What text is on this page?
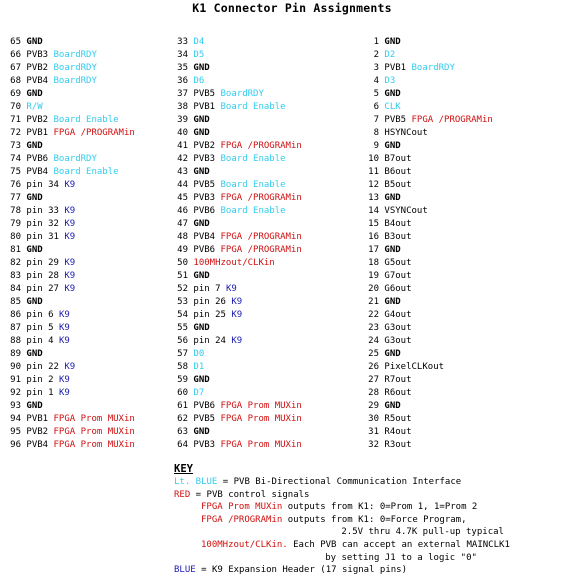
K1 Connector Pin Assignments
65 GND
66 PVB3 BoardRDY
67 PVB2 BoardRDY
68 PVB4 BoardRDY
69 GND
70 R/W
71 PVB2 Board Enable
72 PVB1 FPGA /PROGRAMin
73 GND
74 PVB6 BoardRDY
75 PVB4 Board Enable
76 pin 34 K9
77 GND
78 pin 33 K9
79 pin 32 K9
80 pin 31 K9
81 GND
82 pin 29 K9
83 pin 28 K9
84 pin 27 K9
85 GND
86 pin 6 K9
87 pin 5 K9
88 pin 4 K9
89 GND
90 pin 22 K9
91 pin 2 K9
92 pin 1 K9
93 GND
94 PVB1 FPGA Prom MUXin
95 PVB2 FPGA Prom MUXin
96 PVB4 FPGA Prom MUXin
33 D4
34 D5
35 GND
36 D6
37 PVB5 BoardRDY
38 PVB1 Board Enable
39 GND
40 GND
41 PVB2 FPGA /PROGRAMin
42 PVB3 Board Enable
43 GND
44 PVB5 Board Enable
45 PVB3 FPGA /PROGRAMin
46 PVB6 Board Enable
47 GND
48 PVB4 FPGA /PROGRAMin
49 PVB6 FPGA /PROGRAMin
50 100MHzout/CLKin
51 GND
52 pin 7 K9
53 pin 26 K9
54 pin 25 K9
55 GND
56 pin 24 K9
57 D0
58 D1
59 GND
60 D7
61 PVB6 FPGA Prom MUXin
62 PVB5 FPGA Prom MUXin
63 GND
64 PVB3 FPGA Prom MUXin
1 GND
2 D2
3 PVB1 BoardRDY
4 D3
5 GND
6 CLK
7 PVB5 FPGA /PROGRAMin
8 HSYNCout
9 GND
10 B7out
11 B6out
12 B5out
13 GND
14 VSYNCout
15 B4out
16 B3out
17 GND
18 G5out
19 G7out
20 G6out
21 GND
22 G4out
23 G3out
24 G3out
25 GND
26 PixelCLKout
27 R7out
28 R6out
29 GND
30 R5out
31 R4out
32 R3out
KEY
Lt. BLUE = PVB Bi-Directional Communication Interface
RED = PVB control signals
FPGA Prom MUXin outputs from K1: 0=Prom 1, 1=Prom 2
FPGA /PROGRAMin outputs from K1: 0=Force Program,
2.5V thru 4.7K pull-up typical
100MHzout/CLKin. Each PVB can accept an external MAINCLK1
by setting J1 to a logic "0"
BLUE = K9 Expansion Header (17 signal pins)
